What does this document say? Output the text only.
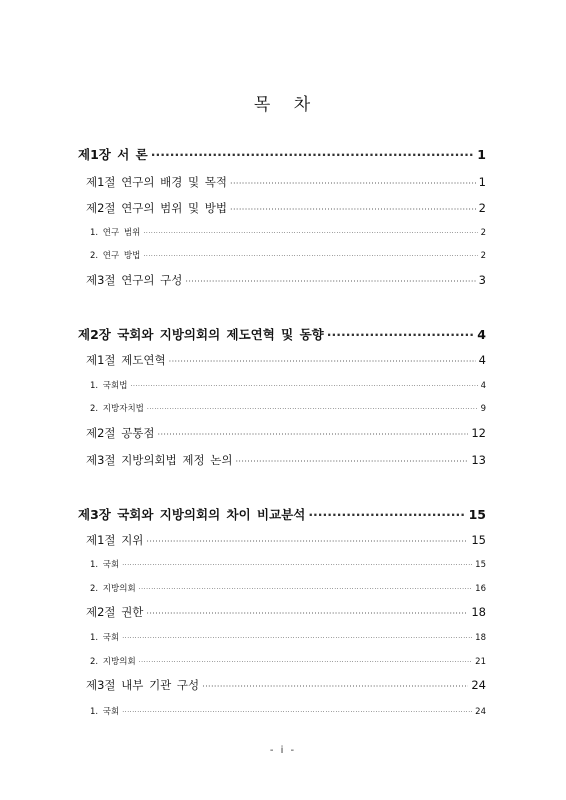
목 차
제1장 서 론 ·····	1
제1절 연구의 배경 및 목적 ·····	1
제2절 연구의 범위 및 방법 ·····	2
1. 연구 범위 ·····	2
2. 연구 방법 ·····	2
제3절 연구의 구성 ·····	3
제2장 국회와 지방의회의 제도연혁 및 동향 ·····	4
제1절 제도연혁 ·····	4
1. 국회법 ·····	4
2. 지방자치법 ·····	9
제2절 공통점 ·····	12
제3절 지방의회법 제정 논의 ·····	13
제3장 국회와 지방의회의 차이 비교분석 ·····	15
제1절 지위 ·····	15
1. 국회 ·····	15
2. 지방의회 ·····	16
제2절 권한 ·····	18
1. 국회 ·····	18
2. 지방의회 ·····	21
제3절 내부 기관 구성 ·····	24
1. 국회 ·····	24
- i -
